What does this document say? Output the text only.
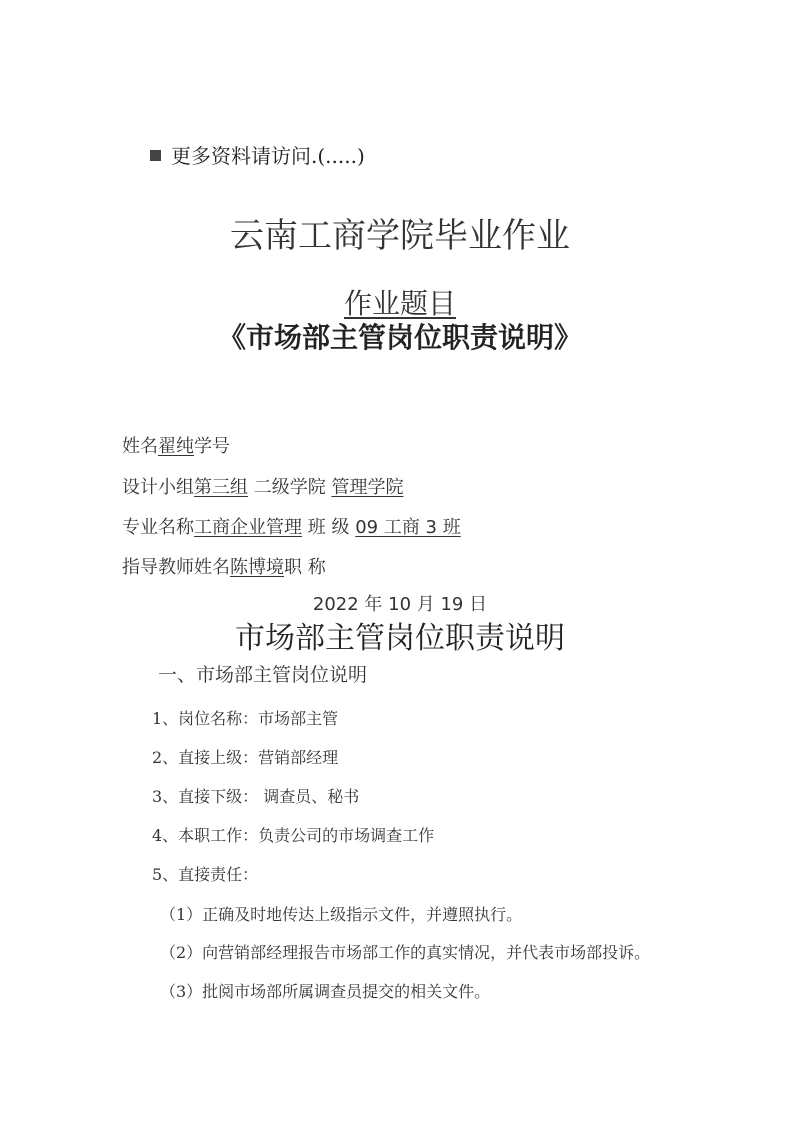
更多资料请访问.(.....)
云南工商学院毕业作业
作业题目
《市场部主管岗位职责说明》
姓名翟纯学号
设计小组第三组 二级学院 管理学院
专业名称工商企业管理 班 级 09 工商 3 班
指导教师姓名陈博境职 称
2022 年 10 月 19 日
市场部主管岗位职责说明
一、市场部主管岗位说明
1、岗位名称：市场部主管
2、直接上级：营销部经理
3、直接下级： 调查员、秘书
4、本职工作：负责公司的市场调查工作
5、直接责任：
（1）正确及时地传达上级指示文件，并遵照执行。
（2）向营销部经理报告市场部工作的真实情况，并代表市场部投诉。
（3）批阅市场部所属调查员提交的相关文件。
